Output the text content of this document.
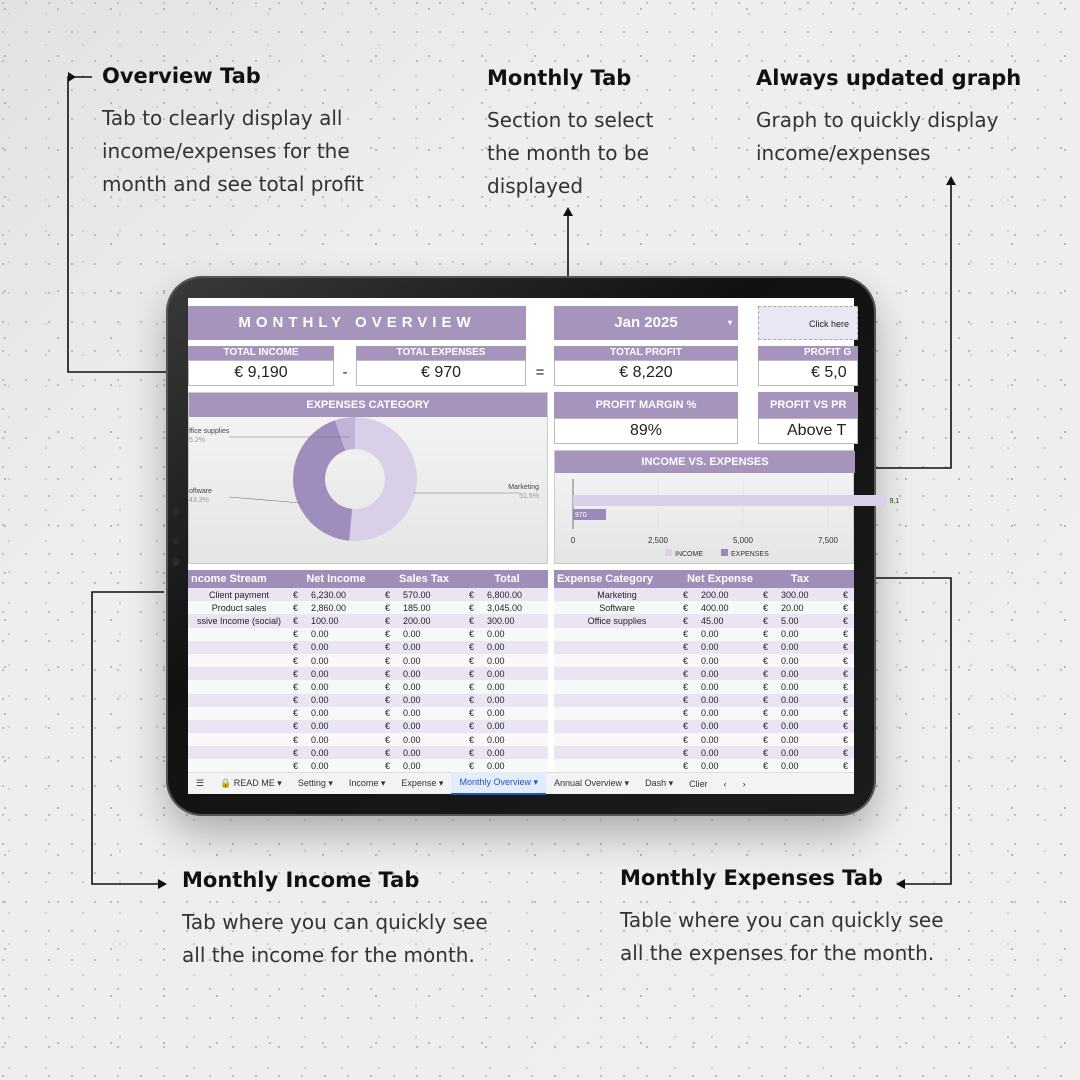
Overview Tab

Tab to clearly display all
income/expenses for the
month and see total profit

Monthly Tab

Section to select
the month to be
displayed

Always updated graph

Graph to quickly display
income/expenses

Monthly Income Tab

Tab where you can quickly see
all the income for the month.

Monthly Expenses Tab

Table where you can quickly see
all the expenses for the month.

MONTHLY OVERVIEW	Jan 2025	▾	Click here
TOTAL INCOME
€ 9,190	-
TOTAL EXPENSES
€ 970	=
TOTAL PROFIT
€ 8,220
PROFIT G
€ 5,0
EXPENSES CATEGORY
Marketing
51.5%
oftware
43.3%
ffice supplies
5.2%
PROFIT MARGIN %
89%
PROFIT VS PR
Above T
INCOME VS. EXPENSES
0	2,500	5,000	7,500
9,1
970
INCOME	EXPENSES
ncome Stream	Net Income	Sales Tax	Total
Client payment	€ 6,230.00	€ 570.00	€ 6,800.00
Product sales	€ 2,860.00	€ 185.00	€ 3,045.00
ssive Income (social)	€ 100.00	€ 200.00	€ 300.00
€ 0.00	€ 0.00	€ 0.00
€ 0.00	€ 0.00	€ 0.00
€ 0.00	€ 0.00	€ 0.00
€ 0.00	€ 0.00	€ 0.00
€ 0.00	€ 0.00	€ 0.00
€ 0.00	€ 0.00	€ 0.00
€ 0.00	€ 0.00	€ 0.00
€ 0.00	€ 0.00	€ 0.00
€ 0.00	€ 0.00	€ 0.00
€ 0.00	€ 0.00	€ 0.00
€ 0.00	€ 0.00	€ 0.00
Expense Category	Net Expense	Tax
Marketing	€ 200.00	€ 300.00	€
Software	€ 400.00	€ 20.00	€
Office supplies	€ 45.00	€ 5.00	€
€ 0.00	€ 0.00	€
€ 0.00	€ 0.00	€
€ 0.00	€ 0.00	€
€ 0.00	€ 0.00	€
€ 0.00	€ 0.00	€
€ 0.00	€ 0.00	€
€ 0.00	€ 0.00	€
€ 0.00	€ 0.00	€
€ 0.00	€ 0.00	€
€ 0.00	€ 0.00	€
€ 0.00	€ 0.00	€
☰	🔒 READ ME ▾	Setting ▾	Income ▾	Expense ▾	Monthly Overview ▾	Annual Overview ▾	Dash ▾	Clier	‹	›
